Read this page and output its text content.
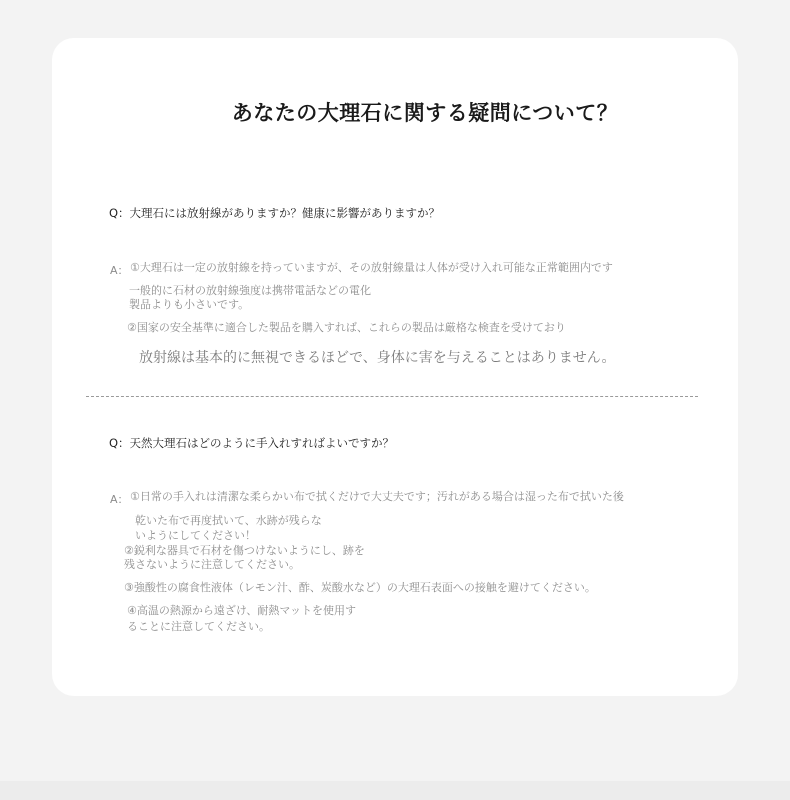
あなたの大理石に関する疑問について？
Q：大理石には放射線がありますか？健康に影響がありますか？
A： ①大理石は一定の放射線を持っていますが、その放射線量は人体が受け入れ可能な正常範囲内です
一般的に石材の放射線強度は携帯電話などの電化
製品よりも小さいです。
②国家の安全基準に適合した製品を購入すれば、これらの製品は厳格な検査を受けており
放射線は基本的に無視できるほどで、身体に害を与えることはありません。
Q：天然大理石はどのように手入れすればよいですか？
A： ①日常の手入れは清潔な柔らかい布で拭くだけで大丈夫です；汚れがある場合は湿った布で拭いた後
乾いた布で再度拭いて、水跡が残らな
いようにしてください！
②鋭利な器具で石材を傷つけないようにし、跡を
残さないように注意してください。
③強酸性の腐食性液体（レモン汁、酢、炭酸水など）の大理石表面への接触を避けてください。
④高温の熱源から遠ざけ、耐熱マットを使用す
ることに注意してください。
